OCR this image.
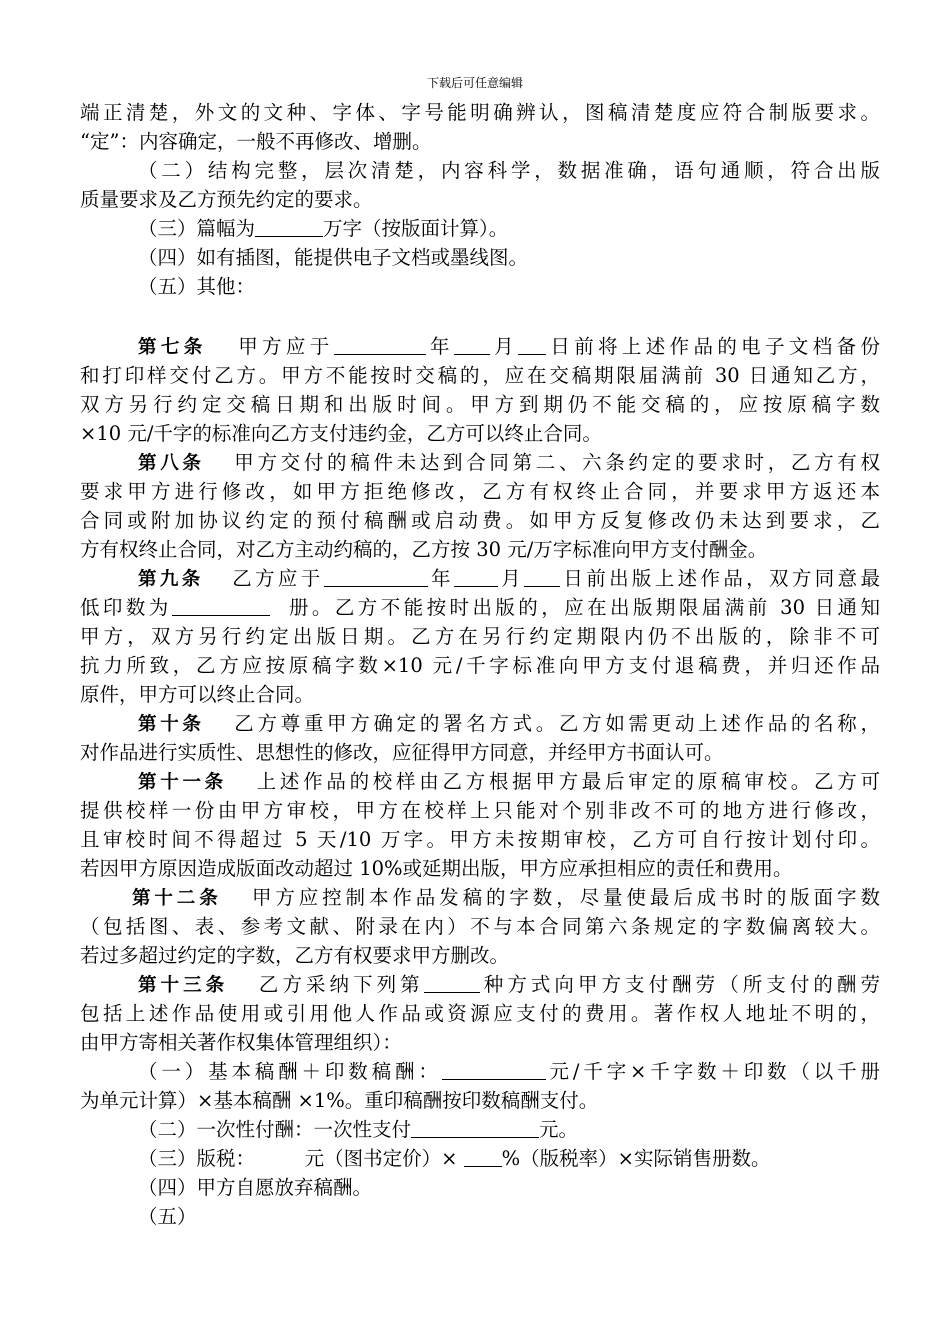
下载后可任意编辑
端正清楚，外文的文种、字体、字号能明确辨认，图稿清楚度应符合制版要求。
“定”：内容确定，一般不再修改、增删。
（二）结构完整，层次清楚，内容科学，数据准确，语句通顺，符合出版
质量要求及乙方预先约定的要求。
（三）篇幅为	万字（按版面计算）。
（四）如有插图，能提供电子文档或墨线图。
（五）其他：
第七条 甲方应于	年 月 日前将上述作品的电子文档备份
和打印样交付乙方。甲方不能按时交稿的，应在交稿期限届满前 30 日通知乙方，
双方另行约定交稿日期和出版时间。甲方到期仍不能交稿的，应按原稿字数
×10 元/千字的标准向乙方支付违约金，乙方可以终止合同。
第八条 甲方交付的稿件未达到合同第二、六条约定的要求时，乙方有权
要求甲方进行修改，如甲方拒绝修改，乙方有权终止合同，并要求甲方返还本
合同或附加协议约定的预付稿酬或启动费。如甲方反复修改仍未达到要求，乙
方有权终止合同，对乙方主动约稿的，乙方按 30 元/万字标准向甲方支付酬金。
第九条 乙方应于	年 月 日前出版上述作品，双方同意最
低印数为	册。乙方不能按时出版的，应在出版期限届满前 30 日通知
甲方，双方另行约定出版日期。乙方在另行约定期限内仍不出版的，除非不可
抗力所致，乙方应按原稿字数×10 元/千字标准向甲方支付退稿费，并归还作品
原件，甲方可以终止合同。
第十条 乙方尊重甲方确定的署名方式。乙方如需更动上述作品的名称，
对作品进行实质性、思想性的修改，应征得甲方同意，并经甲方书面认可。
第十一条 上述作品的校样由乙方根据甲方最后审定的原稿审校。乙方可
提供校样一份由甲方审校，甲方在校样上只能对个别非改不可的地方进行修改，
且审校时间不得超过 5 天/10 万字。甲方未按期审校，乙方可自行按计划付印。
若因甲方原因造成版面改动超过 10%或延期出版，甲方应承担相应的责任和费用。
第十二条 甲方应控制本作品发稿的字数，尽量使最后成书时的版面字数
（包括图、表、参考文献、附录在内）不与本合同第六条规定的字数偏离较大。
若过多超过约定的字数，乙方有权要求甲方删改。
第十三条 乙方采纳下列第	种方式向甲方支付酬劳（所支付的酬劳
包括上述作品使用或引用他人作品或资源应支付的费用。著作权人地址不明的，
由甲方寄相关著作权集体管理组织）：
（一）基本稿酬＋印数稿酬：	元/千字×千字数＋印数（以千册
为单元计算）×基本稿酬 ×1%。重印稿酬按印数稿酬支付。
（二）一次性付酬：一次性支付	元。
（三）版税：	元（图书定价）× %（版税率）×实际销售册数。
（四）甲方自愿放弃稿酬。
（五）
